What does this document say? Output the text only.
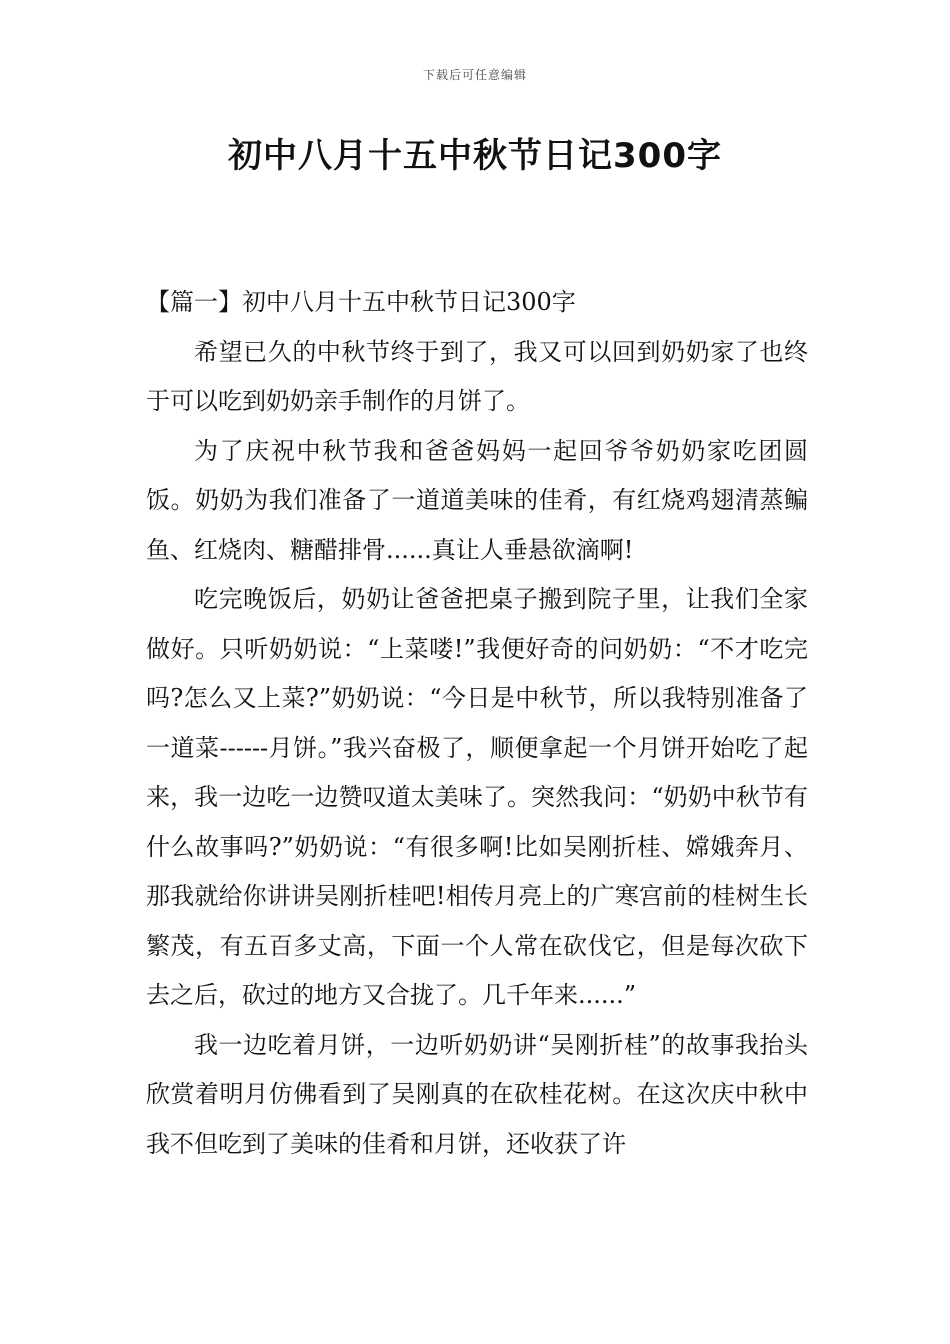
下载后可任意编辑
初中八月十五中秋节日记300字

【篇一】初中八月十五中秋节日记300字

希望已久的中秋节终于到了，我又可以回到奶奶家了也终于可以吃到奶奶亲手制作的月饼了。

为了庆祝中秋节我和爸爸妈妈一起回爷爷奶奶家吃团圆饭。奶奶为我们准备了一道道美味的佳肴，有红烧鸡翅清蒸鳊鱼、红烧肉、糖醋排骨......真让人垂悬欲滴啊!

吃完晚饭后，奶奶让爸爸把桌子搬到院子里，让我们全家做好。只听奶奶说：“上菜喽!”我便好奇的问奶奶：“不才吃完吗?怎么又上菜?”奶奶说：“今日是中秋节，所以我特别准备了一道菜------月饼。”我兴奋极了，顺便拿起一个月饼开始吃了起来，我一边吃一边赞叹道太美味了。突然我问：“奶奶中秋节有什么故事吗?”奶奶说：“有很多啊!比如吴刚折桂、嫦娥奔月、那我就给你讲讲吴刚折桂吧!相传月亮上的广寒宫前的桂树生长繁茂，有五百多丈高，下面一个人常在砍伐它，但是每次砍下去之后，砍过的地方又合拢了。几千年来......”

我一边吃着月饼，一边听奶奶讲“吴刚折桂”的故事我抬头欣赏着明月仿佛看到了吴刚真的在砍桂花树。在这次庆中秋中我不但吃到了美味的佳肴和月饼，还收获了许
